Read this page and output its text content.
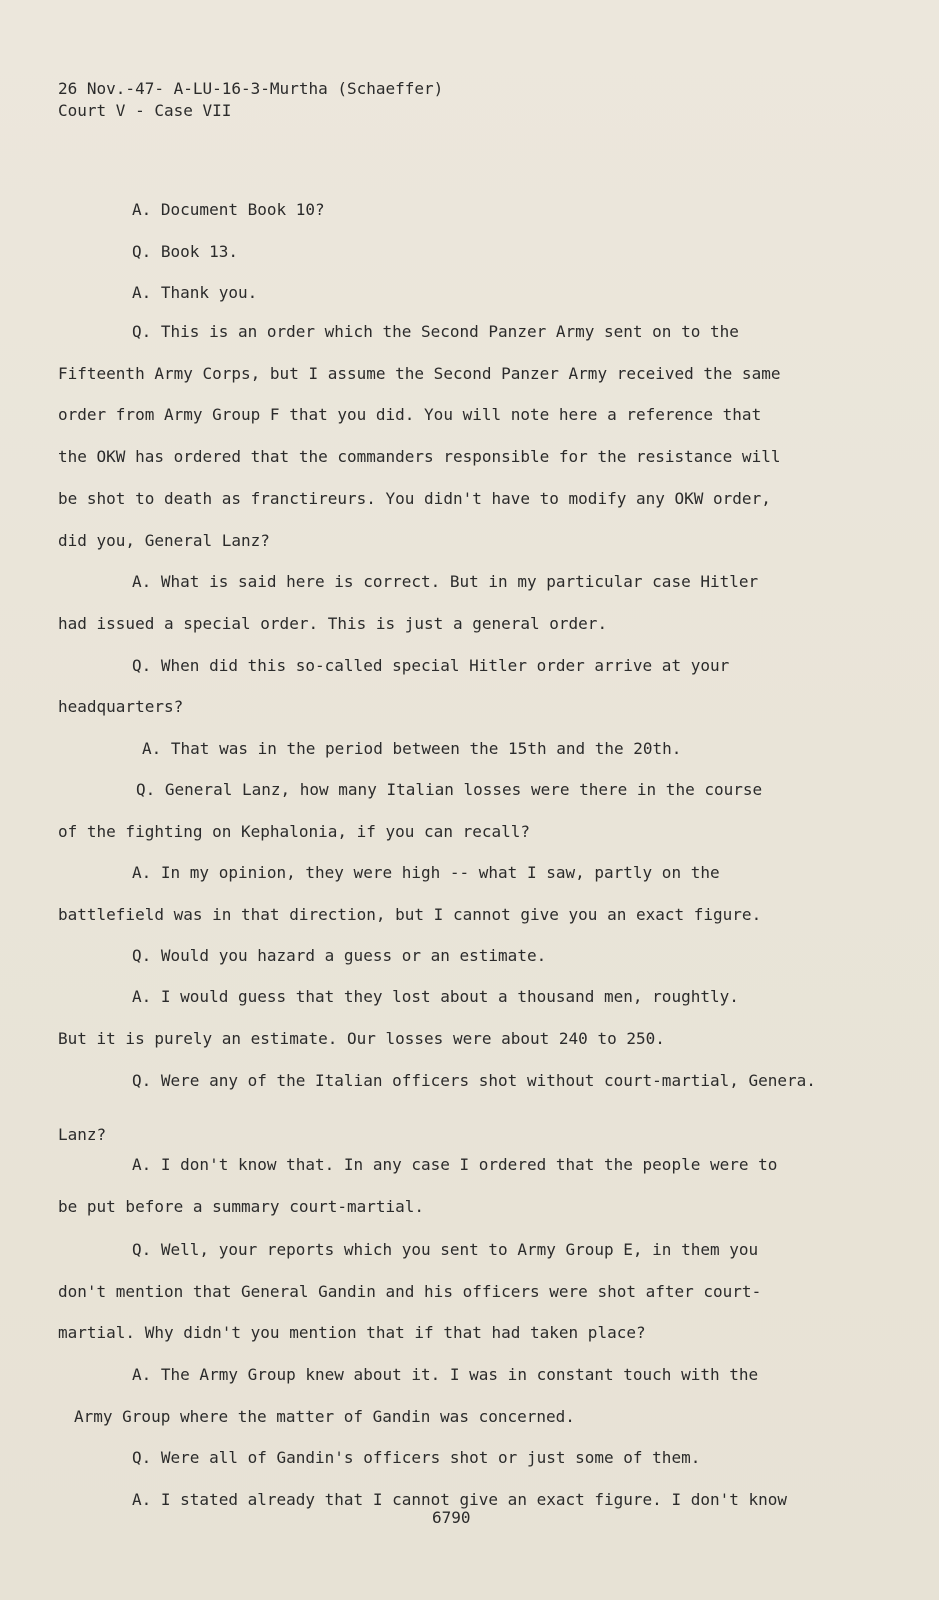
26 Nov.-47- A-LU-16-3-Murtha (Schaeffer)
Court V - Case VII
A. Document Book 10?
Q. Book 13.
A. Thank you.
Q. This is an order which the Second Panzer Army sent on to the
Fifteenth Army Corps, but I assume the Second Panzer Army received the same
order from Army Group F that you did. You will note here a reference that
the OKW has ordered that the commanders responsible for the resistance will
be shot to death as franctireurs. You didn't have to modify any OKW order,
did you, General Lanz?
A. What is said here is correct. But in my particular case Hitler
had issued a special order. This is just a general order.
Q. When did this so-called special Hitler order arrive at your
headquarters?
A. That was in the period between the 15th and the 20th.
Q. General Lanz, how many Italian losses were there in the course
of the fighting on Kephalonia, if you can recall?
A. In my opinion, they were high -- what I saw, partly on the
battlefield was in that direction, but I cannot give you an exact figure.
Q. Would you hazard a guess or an estimate.
A. I would guess that they lost about a thousand men, roughtly.
But it is purely an estimate. Our losses were about 240 to 250.
Q. Were any of the Italian officers shot without court-martial, Genera.
Lanz?
A. I don't know that. In any case I ordered that the people were to
be put before a summary court-martial.
Q. Well, your reports which you sent to Army Group E, in them you
don't mention that General Gandin and his officers were shot after court-
martial. Why didn't you mention that if that had taken place?
A. The Army Group knew about it. I was in constant touch with the
Army Group where the matter of Gandin was concerned.
Q. Were all of Gandin's officers shot or just some of them.
A. I stated already that I cannot give an exact figure. I don't know
6790
